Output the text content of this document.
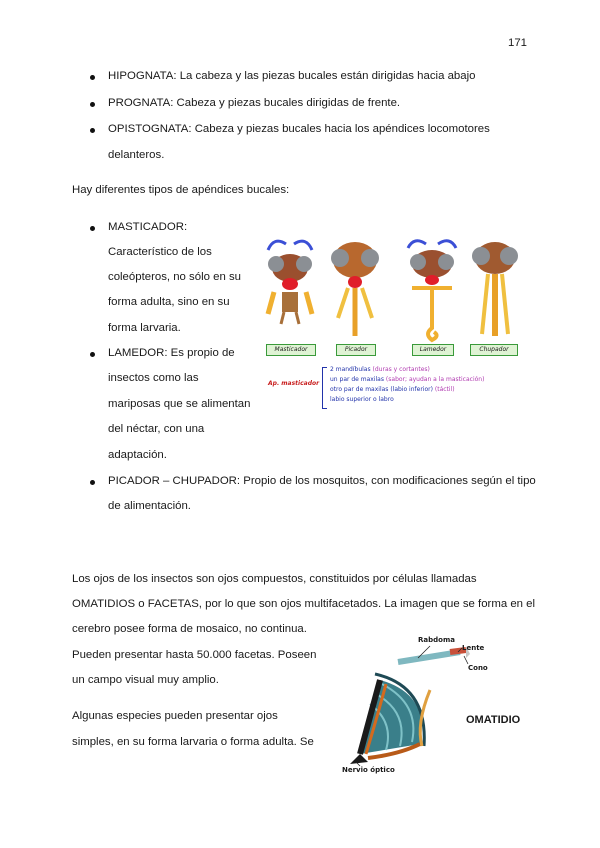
171
HIPOGNATA: La cabeza y las piezas bucales están dirigidas hacia abajo
PROGNATA: Cabeza y piezas bucales dirigidas de frente.
OPISTOGNATA: Cabeza y piezas bucales hacia los apéndices locomotores
delanteros.
Hay diferentes tipos de apéndices bucales:
MASTICADOR:
Característico de los
coleópteros, no sólo en su
forma adulta, sino en su
forma larvaria.
LAMEDOR: Es propio de
insectos como las
mariposas que se alimentan
del néctar, con una
adaptación.
PICADOR – CHUPADOR: Propio de los mosquitos, con modificaciones según el tipo
de alimentación.
Masticador	Picador	Lamedor	Chupador
Ap. masticador
2 mandíbulas (duras y cortantes)
un par de maxilas (sabor; ayudan a la masticación)
otro par de maxilas (labio inferior) (táctil)
labio superior o labro
Los ojos de los insectos son ojos compuestos, constituidos por células llamadas
OMATIDIOS o FACETAS, por lo que son ojos multifacetados. La imagen que se forma en el
cerebro posee forma de mosaico, no continua.
Pueden presentar hasta 50.000 facetas. Poseen
un campo visual muy amplio.
Algunas especies pueden presentar ojos
simples, en su forma larvaria o forma adulta. Se
Rabdoma
Lente
Cono
OMATIDIO
Nervio óptico
